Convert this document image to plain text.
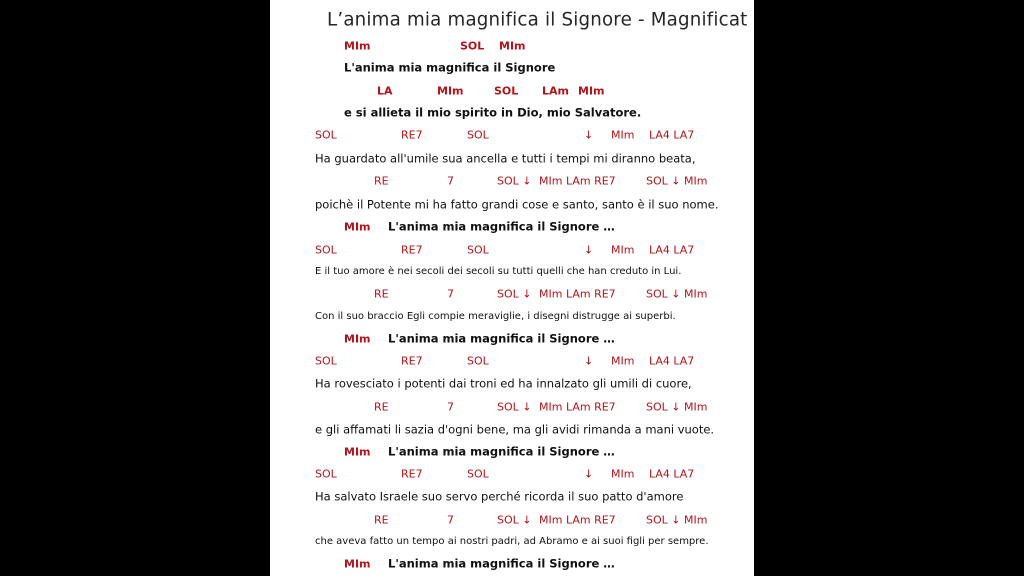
L’anima mia magnifica il Signore - Magnificat
MIm	SOL MIm
L'anima mia magnifica il Signore
LA	MIm	SOL LAm MIm
e si allieta il mio spirito in Dio, mio Salvatore.
SOL	RE7	SOL	↓ MIm LA4 LA7
Ha guardato all'umile sua ancella e tutti i tempi mi diranno beata,
RE	7	SOL ↓ MIm LAm RE7	SOL ↓ MIm
poichè il Potente mi ha fatto grandi cose e santo, santo è il suo nome.
MIm L'anima mia magnifica il Signore …
SOL	RE7	SOL	↓ MIm LA4 LA7
E il tuo amore è nei secoli dei secoli su tutti quelli che han creduto in Lui.
RE	7	SOL ↓ MIm LAm RE7	SOL ↓ MIm
Con il suo braccio Egli compie meraviglie, i disegni distrugge ai superbi.
MIm L'anima mia magnifica il Signore …
SOL	RE7	SOL	↓ MIm LA4 LA7
Ha rovesciato i potenti dai troni ed ha innalzato gli umili di cuore,
RE	7	SOL ↓ MIm LAm RE7	SOL ↓ MIm
e gli affamati li sazia d'ogni bene, ma gli avidi rimanda a mani vuote.
MIm L'anima mia magnifica il Signore …
SOL	RE7	SOL	↓ MIm LA4 LA7
Ha salvato Israele suo servo perché ricorda il suo patto d'amore
RE	7	SOL ↓ MIm LAm RE7	SOL ↓ MIm
che aveva fatto un tempo ai nostri padri, ad Abramo e ai suoi figli per sempre.
MIm L'anima mia magnifica il Signore …
